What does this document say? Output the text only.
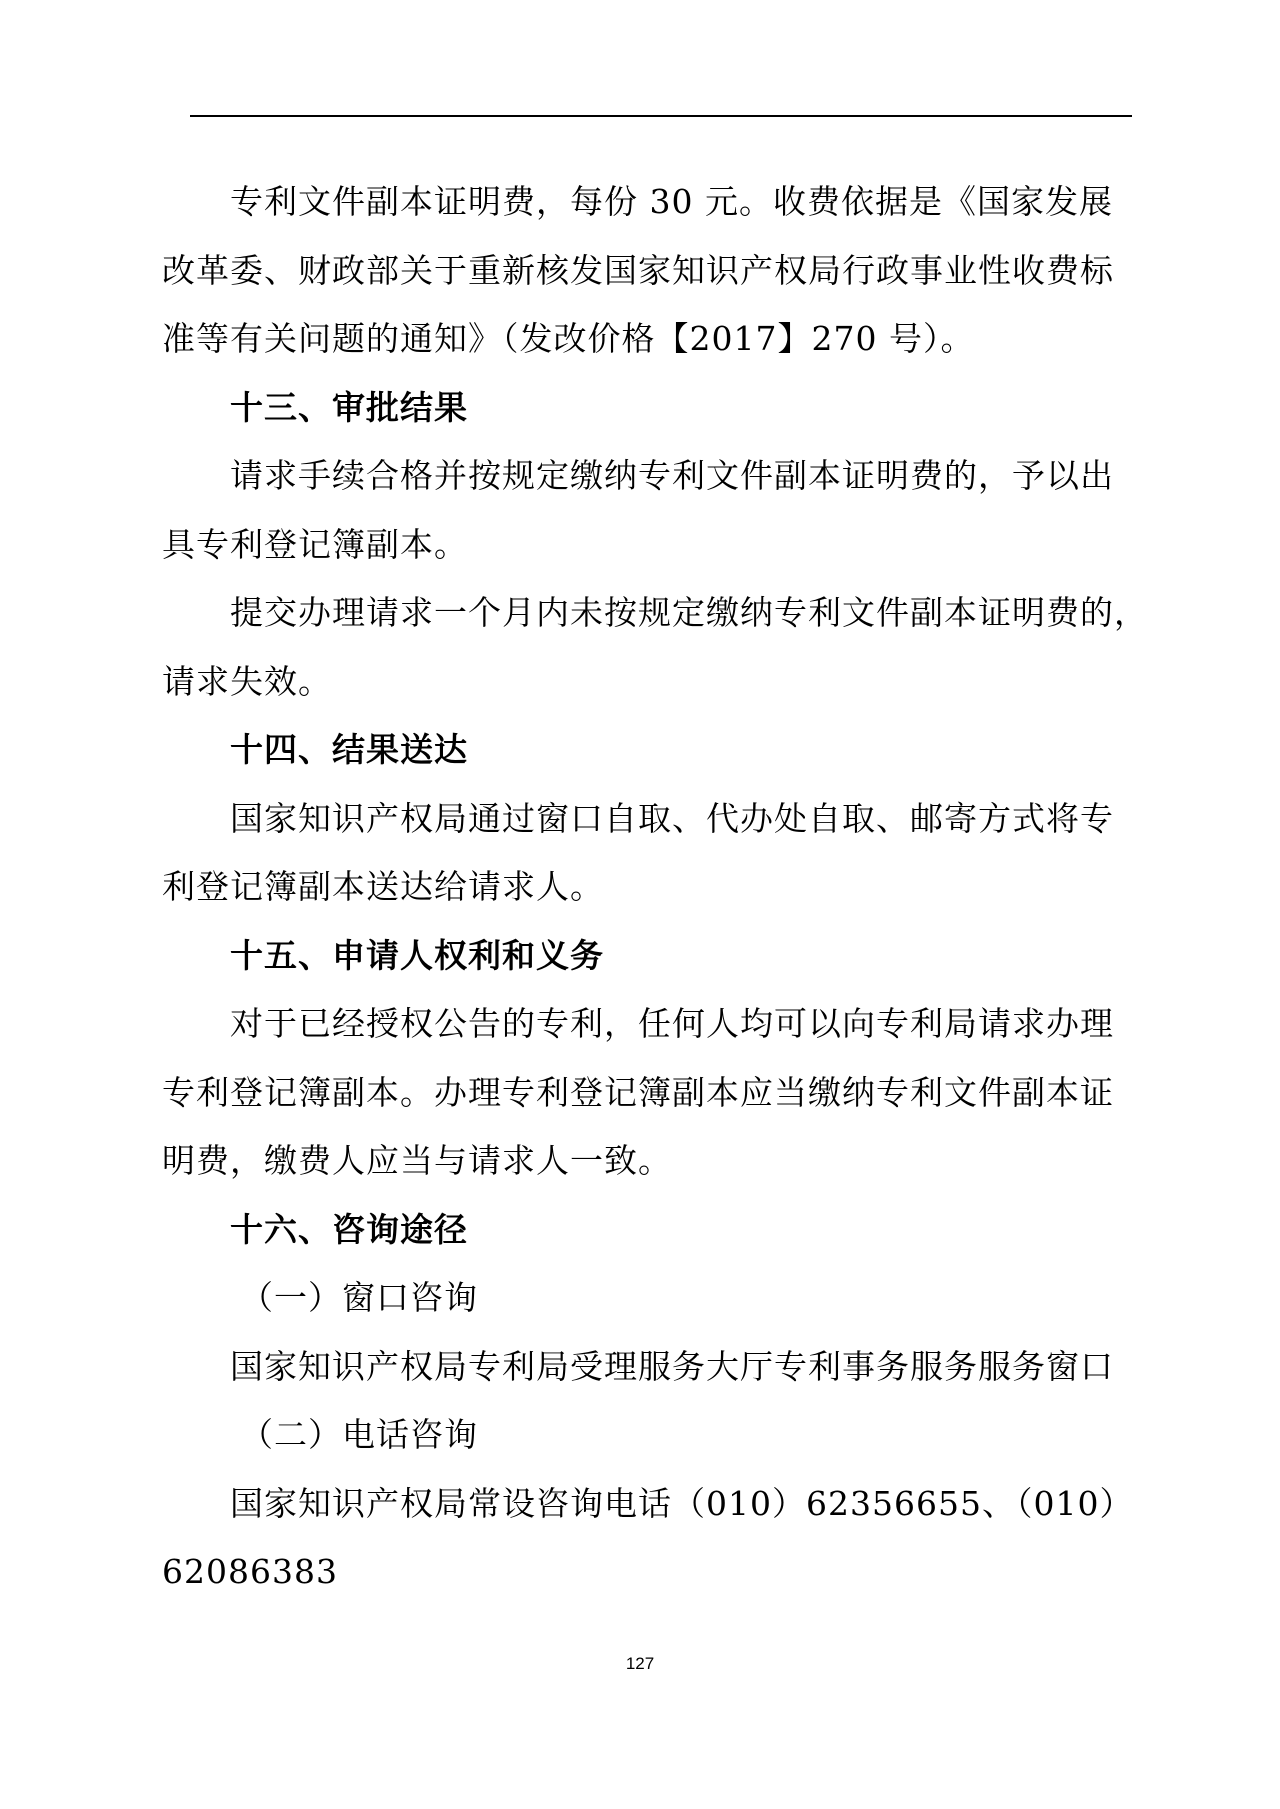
专利文件副本证明费，每份 30 元。收费依据是《国家发展
改革委、财政部关于重新核发国家知识产权局行政事业性收费标
准等有关问题的通知》（发改价格【2017】270 号）。
十三、审批结果
请求手续合格并按规定缴纳专利文件副本证明费的，予以出
具专利登记簿副本。
提交办理请求一个月内未按规定缴纳专利文件副本证明费的，
请求失效。
十四、结果送达
国家知识产权局通过窗口自取、代办处自取、邮寄方式将专
利登记簿副本送达给请求人。
十五、申请人权利和义务
对于已经授权公告的专利，任何人均可以向专利局请求办理
专利登记簿副本。办理专利登记簿副本应当缴纳专利文件副本证
明费，缴费人应当与请求人一致。
十六、咨询途径
（一）窗口咨询
国家知识产权局专利局受理服务大厅专利事务服务服务窗口
（二）电话咨询
国家知识产权局常设咨询电话（010）62356655、（010）
62086383
127
